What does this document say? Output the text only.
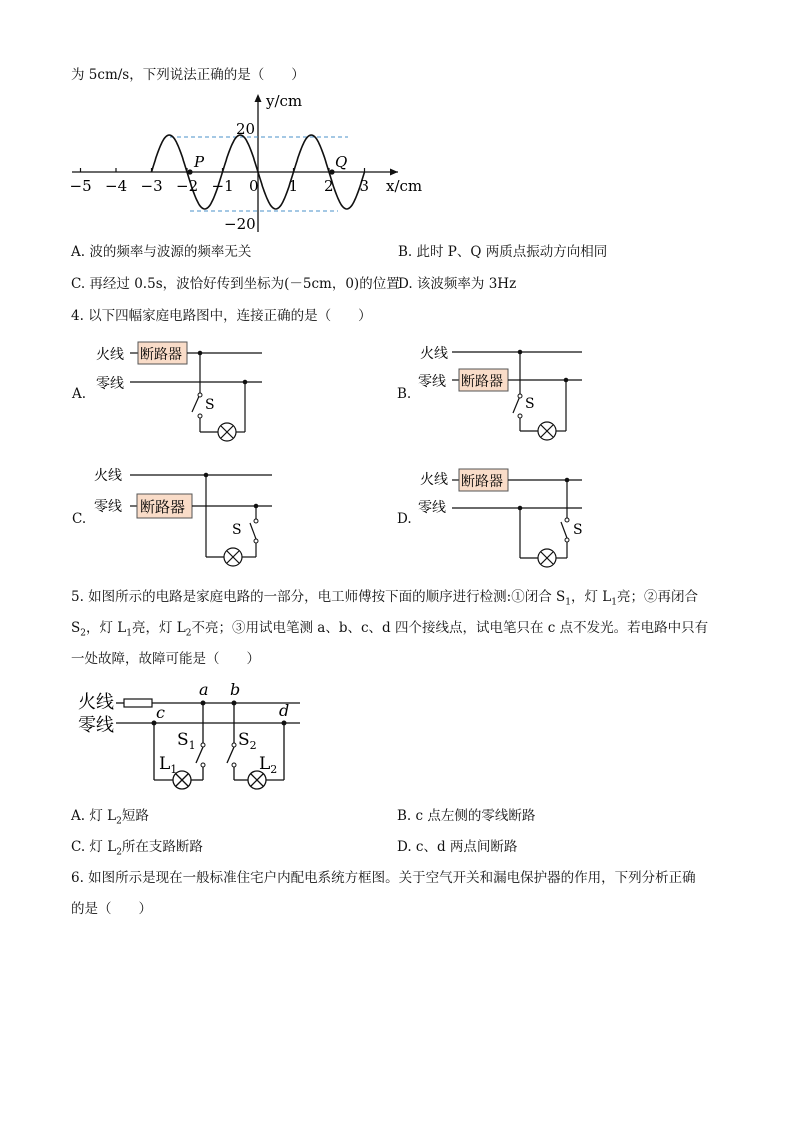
为 5cm/s，下列说法正确的是（　　）
P	Q
y/cm
20
−20
−5 −4 −3 −2 −1 0 1 2 3 x/cm
A. 波的频率与波源的频率无关	B. 此时 P、Q 两质点振动方向相同
C. 再经过 0.5s，波恰好传到坐标为(－5cm，0)的位置
D. 该波频率为 3Hz
4. 以下四幅家庭电路图中，连接正确的是（　　）
A.
火线
零线
断路器
S
B.
火线
零线 断路器
S
C.
火线
零线 断路器
S
D.
火线
零线
断路器
S
5. 如图所示的电路是家庭电路的一部分，电工师傅按下面的顺序进行检测:①闭合 $S_1$，灯 $L_1$亮；②再闭合
$S_2$，灯 $L_1$亮，灯 $L_2$不亮；③用试电笔测 a、b、c、d 四个接线点，试电笔只在 c 点不发光。若电路中只有
一处故障，故障可能是（　　）
火线
零线
a b
c	d
$S_1$
$L_1$
$S_2$
$L_2$
A. 灯 $L_2$短路	B. c 点左侧的零线断路
C. 灯 $L_2$所在支路断路	D. c、d 两点间断路
6. 如图所示是现在一般标准住宅户内配电系统方框图。关于空气开关和漏电保护器的作用，下列分析正确
的是（　　）
